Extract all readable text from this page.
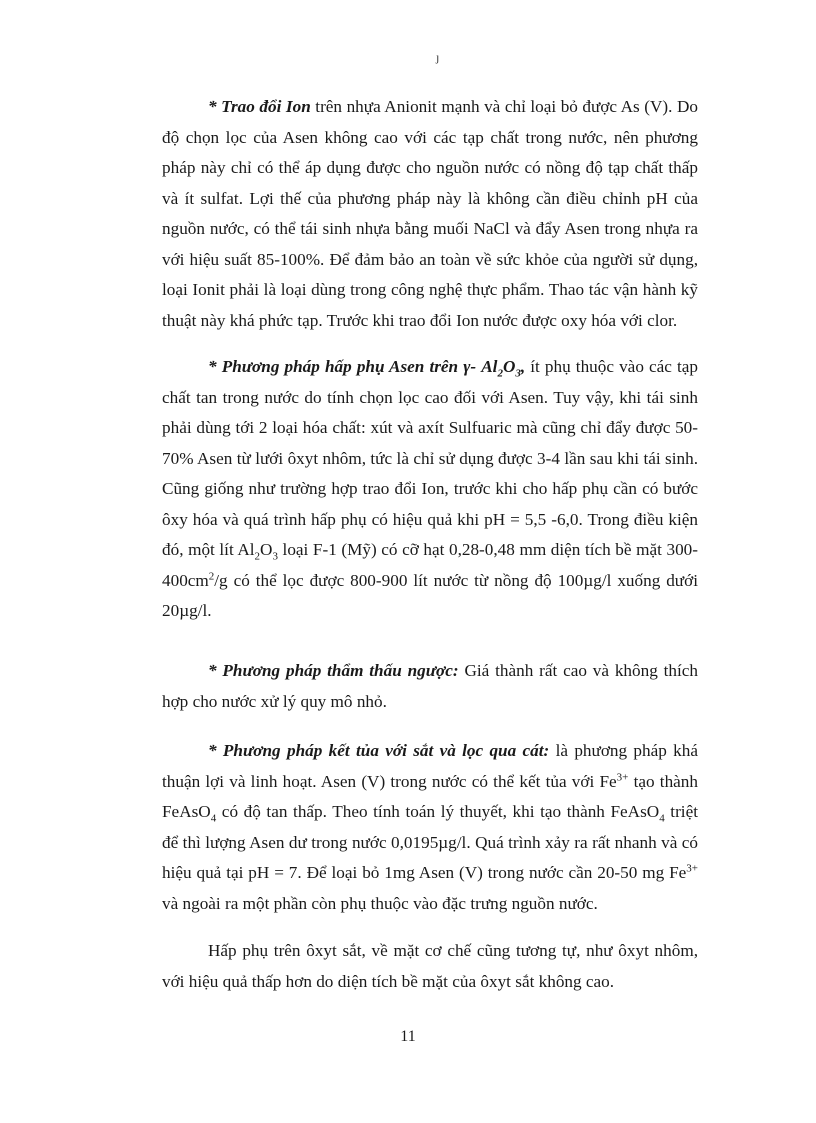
ȷ

* Trao đổi Ion trên nhựa Anionit mạnh và chỉ loại bỏ được As (V). Do độ chọn lọc của Asen không cao với các tạp chất trong nước, nên phương pháp này chỉ có thể áp dụng được cho nguồn nước có nồng độ tạp chất thấp và ít sulfat. Lợi thế của phương pháp này là không cần điều chỉnh pH của nguồn nước, có thể tái sinh nhựa bằng muối NaCl và đẩy Asen trong nhựa ra với hiệu suất 85-100%. Để đảm bảo an toàn về sức khỏe của người sử dụng, loại Ionit phải là loại dùng trong công nghệ thực phẩm. Thao tác vận hành kỹ thuật này khá phức tạp. Trước khi trao đổi Ion nước được oxy hóa với clor.

* Phương pháp hấp phụ Asen trên γ- $Al_2O_3$, ít phụ thuộc vào các tạp chất tan trong nước do tính chọn lọc cao đối với Asen. Tuy vậy, khi tái sinh phải dùng tới 2 loại hóa chất: xút và axít Sulfuaric mà cũng chỉ đẩy được 50-70% Asen từ lưới ôxyt nhôm, tức là chỉ sử dụng được 3-4 lần sau khi tái sinh. Cũng giống như trường hợp trao đổi Ion, trước khi cho hấp phụ cần có bước ôxy hóa và quá trình hấp phụ có hiệu quả khi pH = 5,5 -6,0. Trong điều kiện đó, một lít $Al_2O_3$ loại F-1 (Mỹ) có cỡ hạt 0,28-0,48 mm diện tích bề mặt $300-400cm^2/g$ có thể lọc được 800-900 lít nước từ nồng độ 100µg/l xuống dưới 20µg/l.

* Phương pháp thẩm thấu ngược: Giá thành rất cao và không thích hợp cho nước xử lý quy mô nhỏ.

* Phương pháp kết tủa với sắt và lọc qua cát: là phương pháp khá thuận lợi và linh hoạt. Asen (V) trong nước có thể kết tủa với $Fe^{3+}$ tạo thành FeAsO$_4$ có độ tan thấp. Theo tính toán lý thuyết, khi tạo thành FeAsO$_4$ triệt để thì lượng Asen dư trong nước 0,0195µg/l. Quá trình xảy ra rất nhanh và có hiệu quả tại pH = 7. Để loại bỏ 1mg Asen (V) trong nước cần 20-50 mg $Fe^{3+}$ và ngoài ra một phần còn phụ thuộc vào đặc trưng nguồn nước.

Hấp phụ trên ôxyt sắt, về mặt cơ chế cũng tương tự, như ôxyt nhôm, với hiệu quả thấp hơn do diện tích bề mặt của ôxyt sắt không cao.

11
